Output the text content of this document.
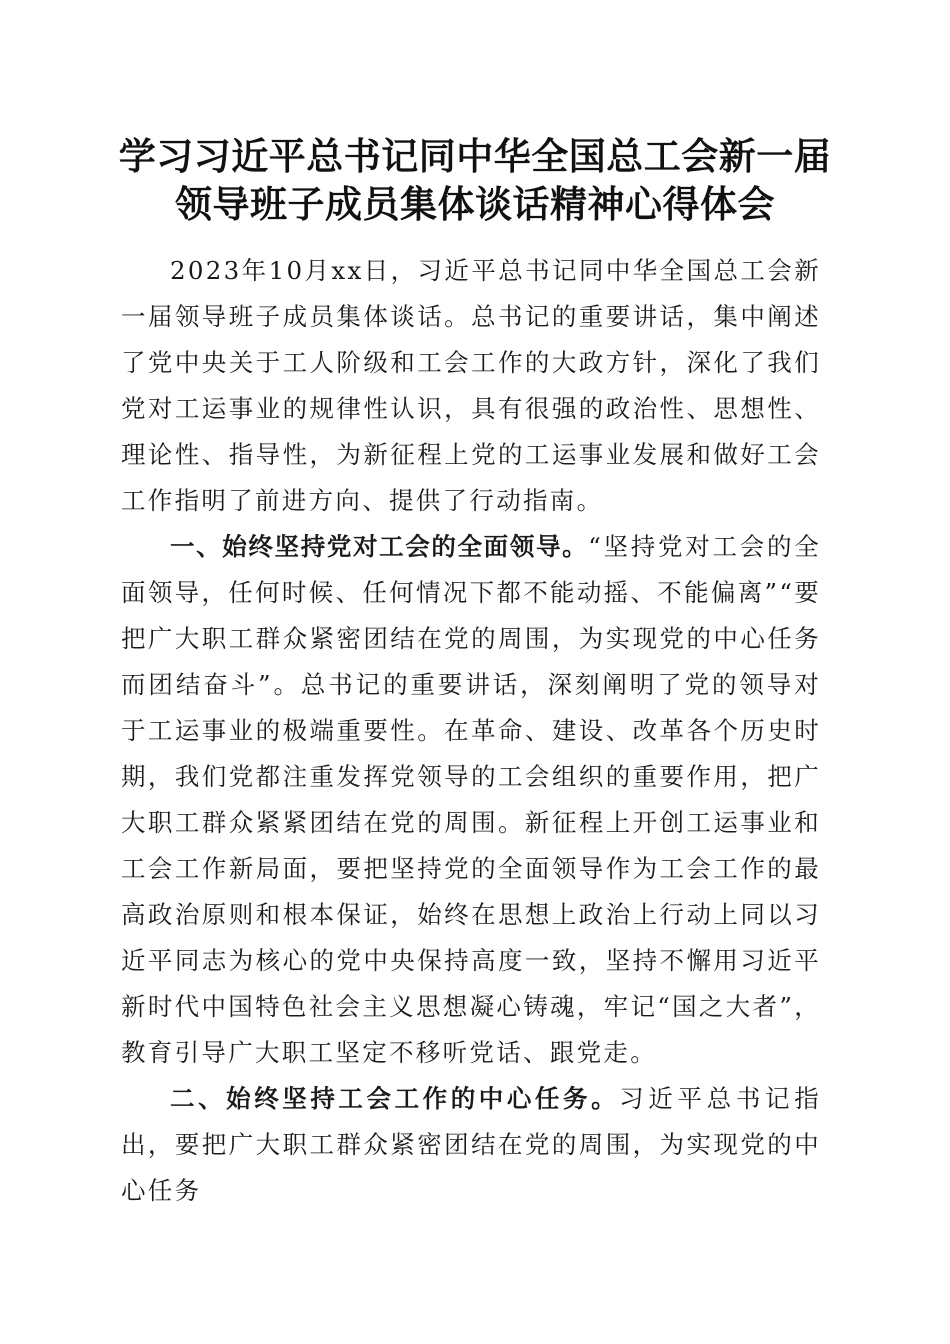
学习习近平总书记同中华全国总工会新一届领导班子成员集体谈话精神心得体会

2023年10月xx日，习近平总书记同中华全国总工会新一届领导班子成员集体谈话。总书记的重要讲话，集中阐述了党中央关于工人阶级和工会工作的大政方针，深化了我们党对工运事业的规律性认识，具有很强的政治性、思想性、理论性、指导性，为新征程上党的工运事业发展和做好工会工作指明了前进方向、提供了行动指南。

一、始终坚持党对工会的全面领导。“坚持党对工会的全面领导，任何时候、任何情况下都不能动摇、不能偏离”“要把广大职工群众紧密团结在党的周围，为实现党的中心任务而团结奋斗”。总书记的重要讲话，深刻阐明了党的领导对于工运事业的极端重要性。在革命、建设、改革各个历史时期，我们党都注重发挥党领导的工会组织的重要作用，把广大职工群众紧紧团结在党的周围。新征程上开创工运事业和工会工作新局面，要把坚持党的全面领导作为工会工作的最高政治原则和根本保证，始终在思想上政治上行动上同以习近平同志为核心的党中央保持高度一致，坚持不懈用习近平新时代中国特色社会主义思想凝心铸魂，牢记“国之大者”，教育引导广大职工坚定不移听党话、跟党走。

二、始终坚持工会工作的中心任务。习近平总书记指出，要把广大职工群众紧密团结在党的周围，为实现党的中心任务
